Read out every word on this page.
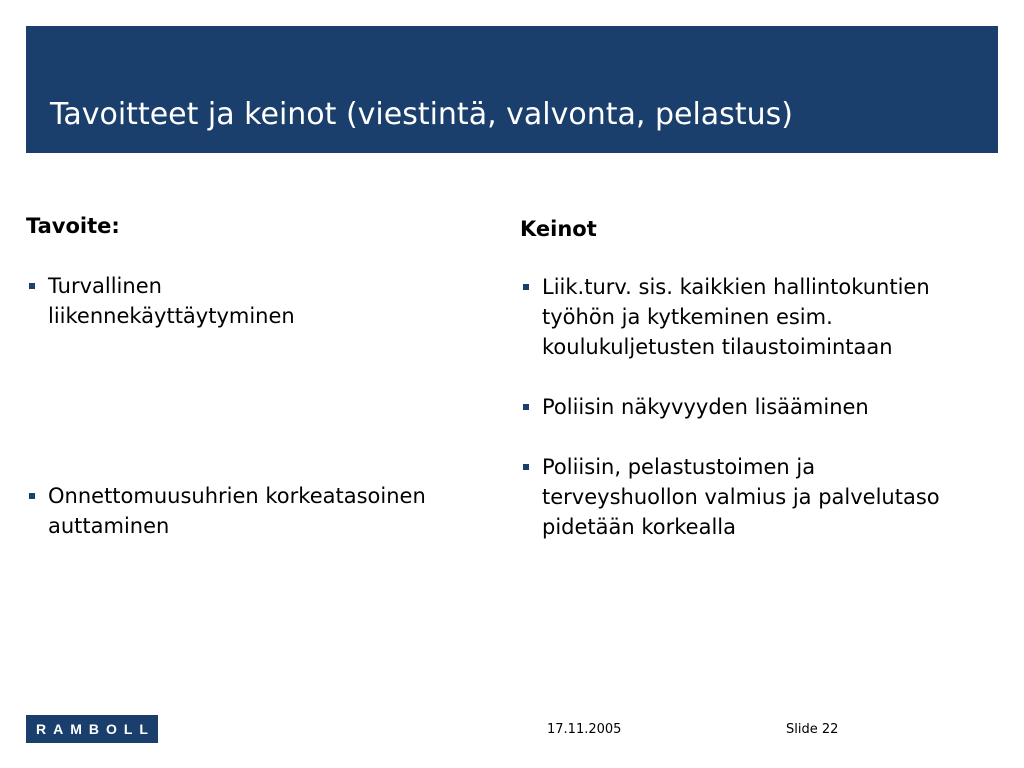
Tavoitteet ja keinot (viestintä, valvonta, pelastus)

Tavoite:

Turvallinen liikennekäyttäytyminen
Onnettomuusuhrien korkeatasoinen auttaminen

Keinot

Liik.turv. sis. kaikkien hallintokuntien työhön ja kytkeminen esim. koulukuljetusten tilaustoimintaan
Poliisin näkyvyyden lisääminen
Poliisin, pelastustoimen ja terveyshuollon valmius ja palvelutaso pidetään korkealla
RAMBOLL	17.11.2005	Slide 22
